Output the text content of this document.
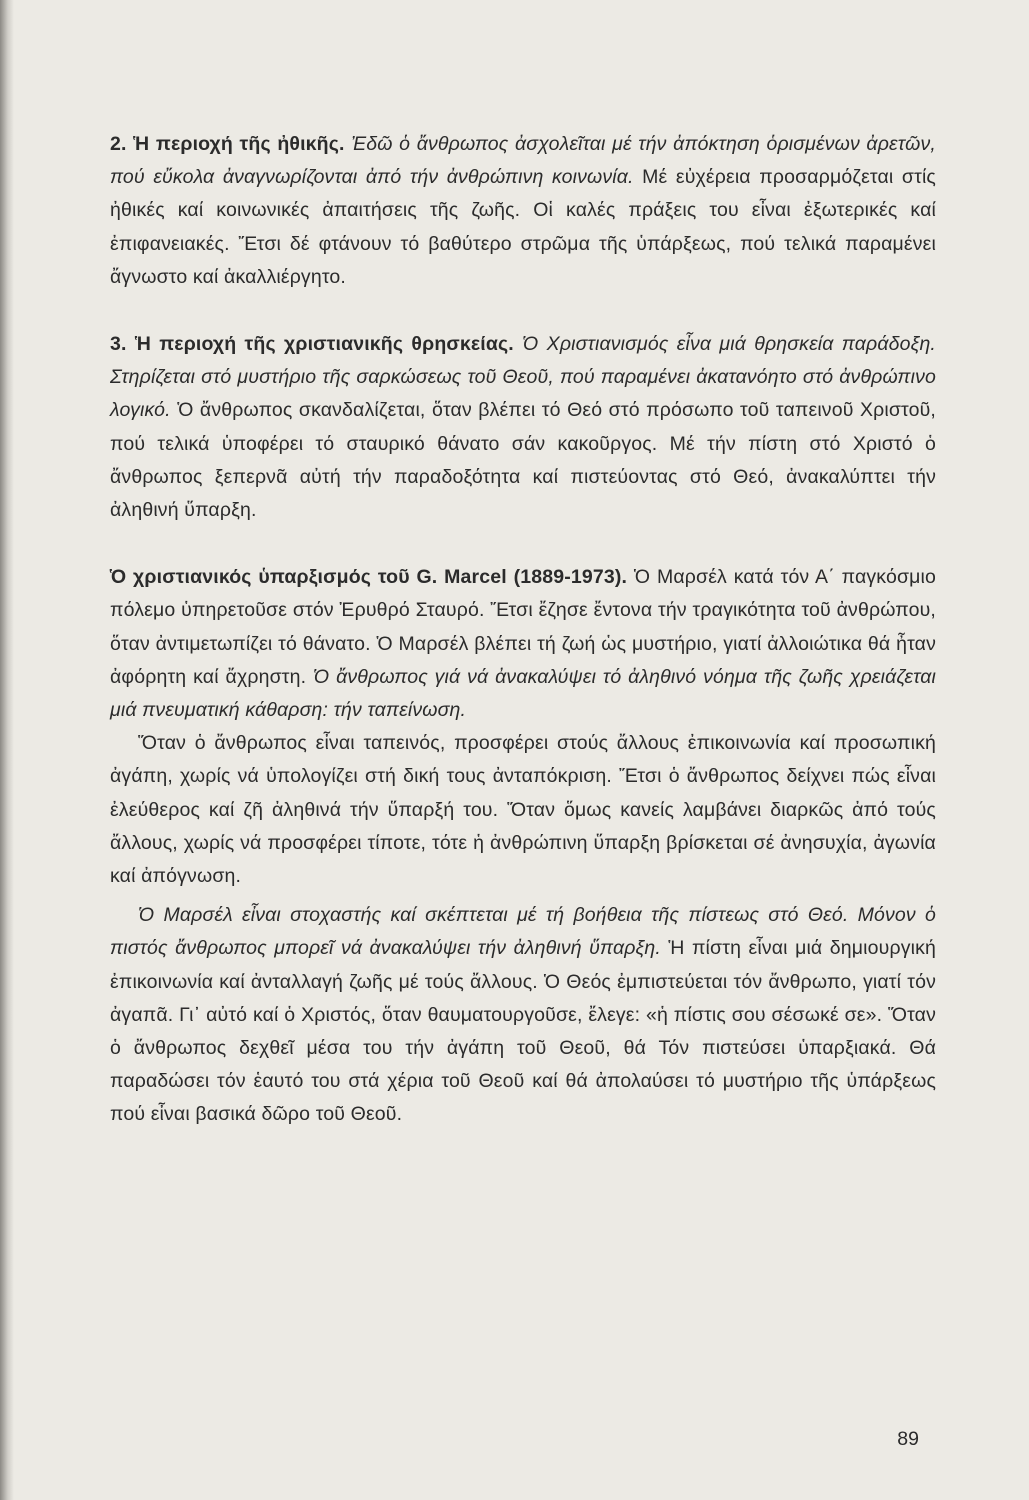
2. Ἡ περιοχή τῆς ἠθικῆς. Ἐδῶ ὁ ἄνθρωπος ἀσχολεῖται μέ τήν ἀπόκτηση ὁρισμένων ἀρετῶν, πού εὔκολα ἀναγνωρίζονται ἀπό τήν ἀνθρώπινη κοινωνία. Μέ εὐχέρεια προσαρμόζεται στίς ἠθικές καί κοινωνικές ἀπαιτήσεις τῆς ζωῆς. Οἱ καλές πράξεις του εἶναι ἐξωτερικές καί ἐπιφανειακές. Ἔτσι δέ φτάνουν τό βαθύτερο στρῶμα τῆς ὑπάρξεως, πού τελικά παραμένει ἄγνωστο καί ἀκαλλιέργητο.

3. Ἡ περιοχή τῆς χριστιανικῆς θρησκείας. Ὁ Χριστιανισμός εἶνα μιά θρησκεία παράδοξη. Στηρίζεται στό μυστήριο τῆς σαρκώσεως τοῦ Θεοῦ, πού παραμένει ἀκατανόητο στό ἀνθρώπινο λογικό. Ὁ ἄνθρωπος σκανδαλίζεται, ὅταν βλέπει τό Θεό στό πρόσωπο τοῦ ταπεινοῦ Χριστοῦ, πού τελικά ὑποφέρει τό σταυρικό θάνατο σάν κακοῦργος. Μέ τήν πίστη στό Χριστό ὁ ἄνθρωπος ξεπερνᾶ αὐτή τήν παραδοξότητα καί πιστεύοντας στό Θεό, ἀνακαλύπτει τήν ἀληθινή ὕπαρξη.

Ὁ χριστιανικός ὑπαρξισμός τοῦ G. Marcel (1889-1973). Ὁ Μαρσέλ κατά τόν Α΄ παγκόσμιο πόλεμο ὑπηρετοῦσε στόν Ἐρυθρό Σταυρό. Ἔτσι ἔζησε ἔντονα τήν τραγικότητα τοῦ ἀνθρώπου, ὅταν ἀντιμετωπίζει τό θάνατο. Ὁ Μαρσέλ βλέπει τή ζωή ὡς μυστήριο, γιατί ἀλλοιώτικα θά ἦταν ἀφόρητη καί ἄχρηστη. Ὁ ἄνθρωπος γιά νά ἀνακαλύψει τό ἀληθινό νόημα τῆς ζωῆς χρειάζεται μιά πνευματική κάθαρση: τήν ταπείνωση.

Ὅταν ὁ ἄνθρωπος εἶναι ταπεινός, προσφέρει στούς ἄλλους ἐπικοινωνία καί προσωπική ἀγάπη, χωρίς νά ὑπολογίζει στή δική τους ἀνταπόκριση. Ἔτσι ὁ ἄνθρωπος δείχνει πώς εἶναι ἐλεύθερος καί ζῆ ἀληθινά τήν ὕπαρξή του. Ὅταν ὅμως κανείς λαμβάνει διαρκῶς ἀπό τούς ἄλλους, χωρίς νά προσφέρει τίποτε, τότε ἡ ἀνθρώπινη ὕπαρξη βρίσκεται σέ ἀνησυχία, ἀγωνία καί ἀπόγνωση.

Ὁ Μαρσέλ εἶναι στοχαστής καί σκέπτεται μέ τή βοήθεια τῆς πίστεως στό Θεό. Μόνον ὁ πιστός ἄνθρωπος μπορεῖ νά ἀνακαλύψει τήν ἀληθινή ὕπαρξη. Ἡ πίστη εἶναι μιά δημιουργική ἐπικοινωνία καί ἀνταλλαγή ζωῆς μέ τούς ἄλλους. Ὁ Θεός ἐμπιστεύεται τόν ἄνθρωπο, γιατί τόν ἀγαπᾶ. Γι᾽ αὐτό καί ὁ Χριστός, ὅταν θαυματουργοῦσε, ἔλεγε: «ἡ πίστις σου σέσωκέ σε». Ὅταν ὁ ἄνθρωπος δεχθεῖ μέσα του τήν ἀγάπη τοῦ Θεοῦ, θά Τόν πιστεύσει ὑπαρξιακά. Θά παραδώσει τόν ἑαυτό του στά χέρια τοῦ Θεοῦ καί θά ἀπολαύσει τό μυστήριο τῆς ὑπάρξεως πού εἶναι βασικά δῶρο τοῦ Θεοῦ.

89
